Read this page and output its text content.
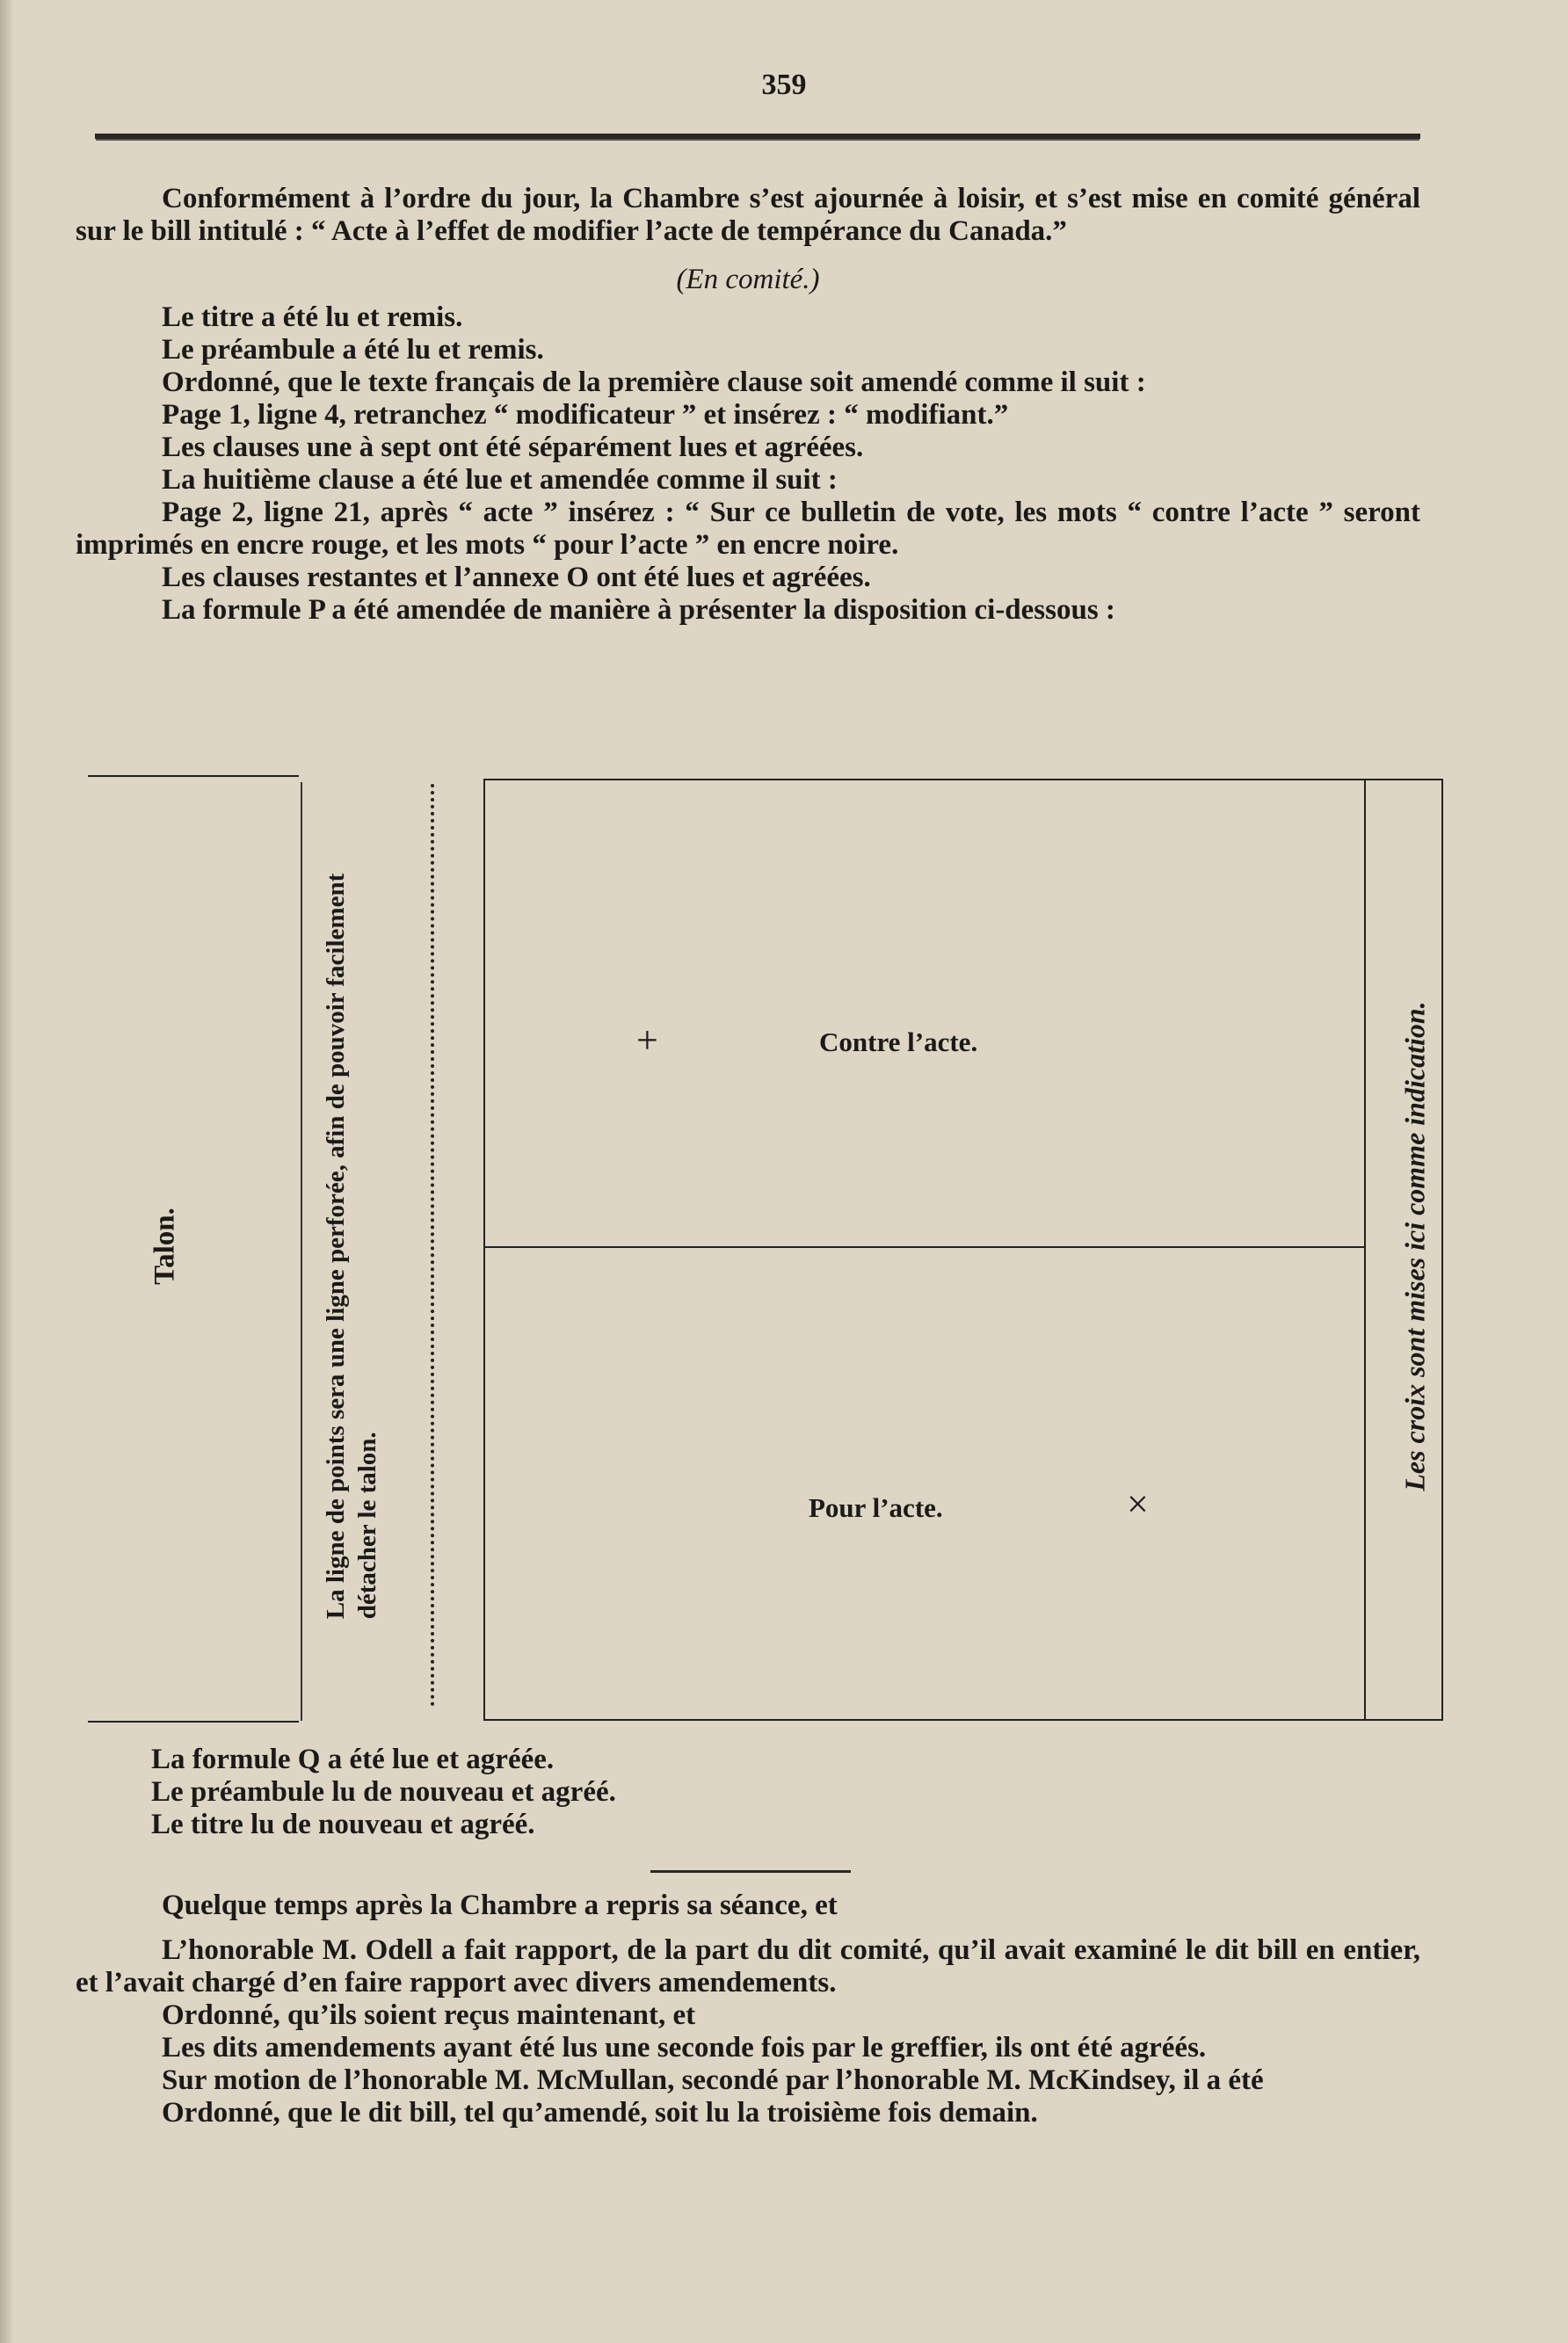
359

Conformément à l’ordre du jour, la Chambre s’est ajournée à loisir, et s’est mise en comité général sur le bill intitulé : “ Acte à l’effet de modifier l’acte de tempérance du Canada.”

(En comité.)

Le titre a été lu et remis.

Le préambule a été lu et remis.

Ordonné, que le texte français de la première clause soit amendé comme il suit :

Page 1, ligne 4, retranchez “ modificateur ” et insérez : “ modifiant.”

Les clauses une à sept ont été séparément lues et agréées.

La huitième clause a été lue et amendée comme il suit :

Page 2, ligne 21, après “ acte ” insérez : “ Sur ce bulletin de vote, les mots “ contre l’acte ” seront imprimés en encre rouge, et les mots “ pour l’acte ” en encre noire.

Les clauses restantes et l’annexe O ont été lues et agréées.

La formule P a été amendée de manière à présenter la disposition ci-dessous :

Talon.	La ligne de points sera une ligne perforée, afin de pouvoir facilement détacher le talon.
+	Contre l’acte.
Pour l’acte.	×
Les croix sont mises ici comme indication.

La formule Q a été lue et agréée.

Le préambule lu de nouveau et agréé.

Le titre lu de nouveau et agréé.

Quelque temps après la Chambre a repris sa séance, et

L’honorable M. Odell a fait rapport, de la part du dit comité, qu’il avait examiné le dit bill en entier, et l’avait chargé d’en faire rapport avec divers amendements.

Ordonné, qu’ils soient reçus maintenant, et

Les dits amendements ayant été lus une seconde fois par le greffier, ils ont été agréés.

Sur motion de l’honorable M. McMullan, secondé par l’honorable M. McKindsey, il a été

Ordonné, que le dit bill, tel qu’amendé, soit lu la troisième fois demain.
